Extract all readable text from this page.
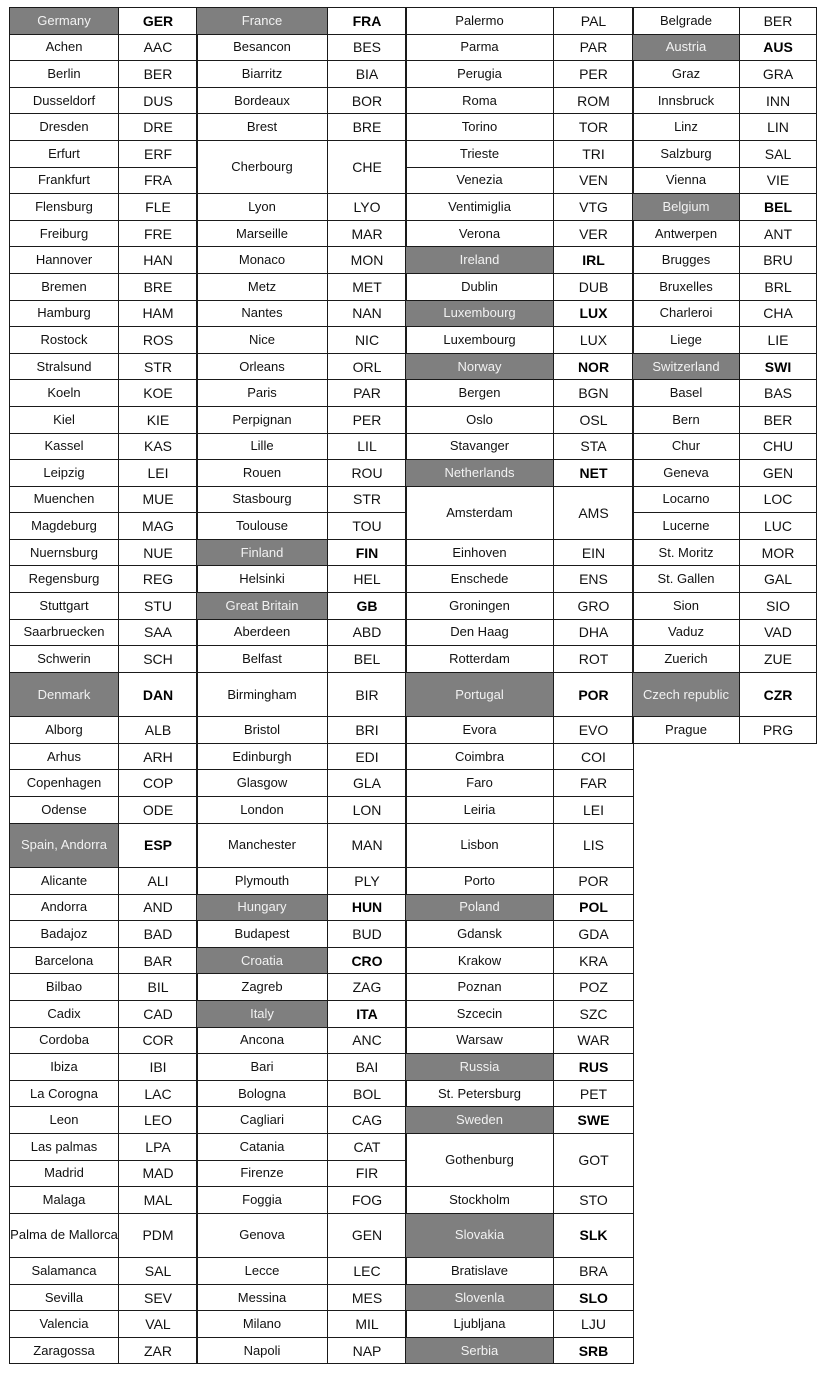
Germany	GER
Achen	AAC
Berlin	BER
Dusseldorf	DUS
Dresden	DRE
Erfurt	ERF
Frankfurt	FRA
Flensburg	FLE
Freiburg	FRE
Hannover	HAN
Bremen	BRE
Hamburg	HAM
Rostock	ROS
Stralsund	STR
Koeln	KOE
Kiel	KIE
Kassel	KAS
Leipzig	LEI
Muenchen	MUE
Magdeburg	MAG
Nuernsburg	NUE
Regensburg	REG
Stuttgart	STU
Saarbruecken	SAA
Schwerin	SCH
Denmark	DAN
Alborg	ALB
Arhus	ARH
Copenhagen	COP
Odense	ODE
Spain, Andorra	ESP
Alicante	ALI
Andorra	AND
Badajoz	BAD
Barcelona	BAR
Bilbao	BIL
Cadix	CAD
Cordoba	COR
Ibiza	IBI
La Corogna	LAC
Leon	LEO
Las palmas	LPA
Madrid	MAD
Malaga	MAL
Palma de Mallorca	PDM
Salamanca	SAL
Sevilla	SEV
Valencia	VAL
Zaragossa	ZAR
France	FRA
Besancon	BES
Biarritz	BIA
Bordeaux	BOR
Brest	BRE
Cherbourg	CHE

Lyon	LYO
Marseille	MAR
Monaco	MON
Metz	MET
Nantes	NAN
Nice	NIC
Orleans	ORL
Paris	PAR
Perpignan	PER
Lille	LIL
Rouen	ROU
Stasbourg	STR
Toulouse	TOU
Finland	FIN
Helsinki	HEL
Great Britain	GB
Aberdeen	ABD
Belfast	BEL
Birmingham	BIR
Bristol	BRI
Edinburgh	EDI
Glasgow	GLA
London	LON
Manchester	MAN
Plymouth	PLY
Hungary	HUN
Budapest	BUD
Croatia	CRO
Zagreb	ZAG
Italy	ITA
Ancona	ANC
Bari	BAI
Bologna	BOL
Cagliari	CAG
Catania	CAT
Firenze	FIR
Foggia	FOG
Genova	GEN
Lecce	LEC
Messina	MES
Milano	MIL
Napoli	NAP
Palermo	PAL
Parma	PAR
Perugia	PER
Roma	ROM
Torino	TOR
Trieste	TRI
Venezia	VEN
Ventimiglia	VTG
Verona	VER
Ireland	IRL
Dublin	DUB
Luxembourg	LUX
Luxembourg	LUX
Norway	NOR
Bergen	BGN
Oslo	OSL
Stavanger	STA
Netherlands	NET
Amsterdam	AMS

Einhoven	EIN
Enschede	ENS
Groningen	GRO
Den Haag	DHA
Rotterdam	ROT
Portugal	POR
Evora	EVO
Coimbra	COI
Faro	FAR
Leiria	LEI
Lisbon	LIS
Porto	POR
Poland	POL
Gdansk	GDA
Krakow	KRA
Poznan	POZ
Szcecin	SZC
Warsaw	WAR
Russia	RUS
St. Petersburg	PET
Sweden	SWE
Gothenburg	GOT

Stockholm	STO
Slovakia	SLK
Bratislave	BRA
Slovenla	SLO
Ljubljana	LJU
Serbia	SRB
Belgrade	BER
Austria	AUS
Graz	GRA
Innsbruck	INN
Linz	LIN
Salzburg	SAL
Vienna	VIE
Belgium	BEL
Antwerpen	ANT
Brugges	BRU
Bruxelles	BRL
Charleroi	CHA
Liege	LIE
Switzerland	SWI
Basel	BAS
Bern	BER
Chur	CHU
Geneva	GEN
Locarno	LOC
Lucerne	LUC
St. Moritz	MOR
St. Gallen	GAL
Sion	SIO
Vaduz	VAD
Zuerich	ZUE
Czech republic	CZR
Prague	PRG
